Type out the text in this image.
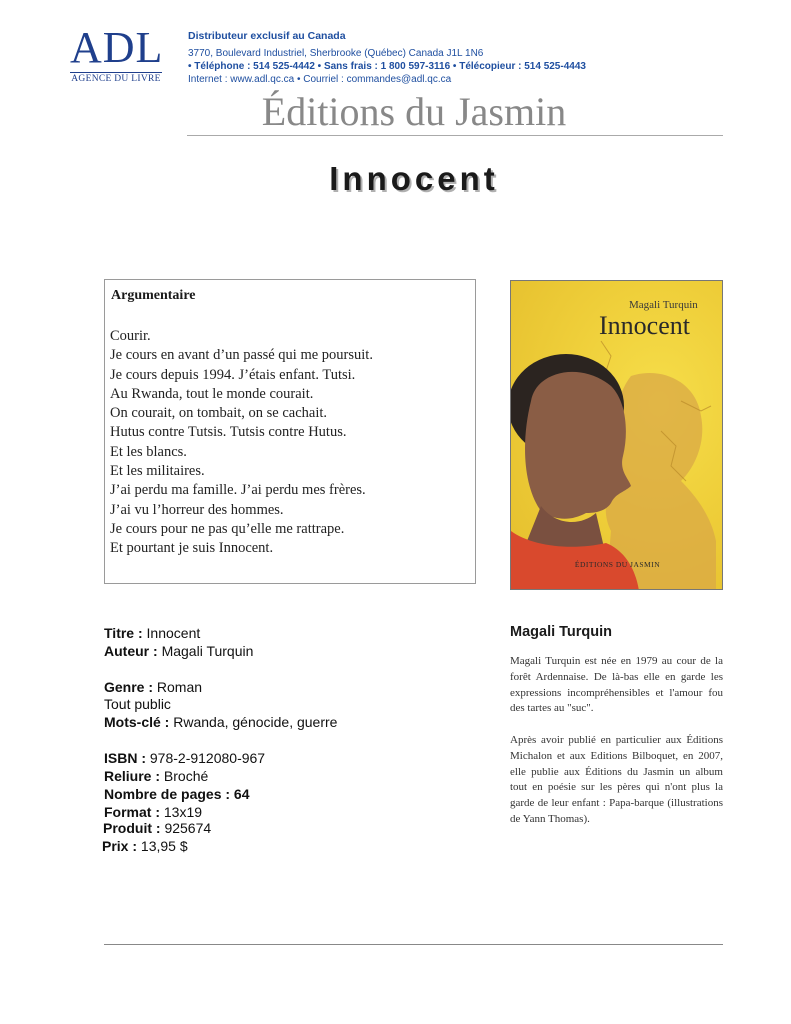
ADL
AGENCE DU LIVRE
Distributeur exclusif au Canada
3770, Boulevard Industriel, Sherbrooke (Québec) Canada J1L 1N6
• Téléphone : 514 525-4442 • Sans frais : 1 800 597-3116 • Télécopieur : 514 525-4443
Internet : www.adl.qc.ca • Courriel : commandes@adl.qc.ca
Éditions du Jasmin
Innocent
Argumentaire
Courir.
Je cours en avant d’un passé qui me poursuit.
Je cours depuis 1994. J’étais enfant. Tutsi.
Au Rwanda, tout le monde courait.
On courait, on tombait, on se cachait.
Hutus contre Tutsis. Tutsis contre Hutus.
Et les blancs.
Et les militaires.
J’ai perdu ma famille. J’ai perdu mes frères.
J’ai vu l’horreur des hommes.
Je cours pour ne pas qu’elle me rattrape.
Et pourtant je suis Innocent.
Magali Turquin
Innocent
ÉDITIONS DU JASMIN
Titre : Innocent
Auteur : Magali Turquin
Genre : Roman
Tout public
Mots-clé : Rwanda, génocide, guerre
ISBN : 978-2-912080-967
Reliure : Broché
Nombre de pages : 64
Format : 13x19
Produit : 925674
Prix : 13,95 $
Magali Turquin
Magali Turquin est née en 1979 au cour de la forêt Ardennaise. De là-bas elle en garde les expressions incompréhensibles et l'amour fou des tartes au "suc".
Après avoir publié en particulier aux Éditions Michalon et aux Editions Bilboquet, en 2007, elle publie aux Éditions du Jasmin un album tout en poésie sur les pères qui n'ont plus la garde de leur enfant : Papa-barque (illustrations de Yann Thomas).
